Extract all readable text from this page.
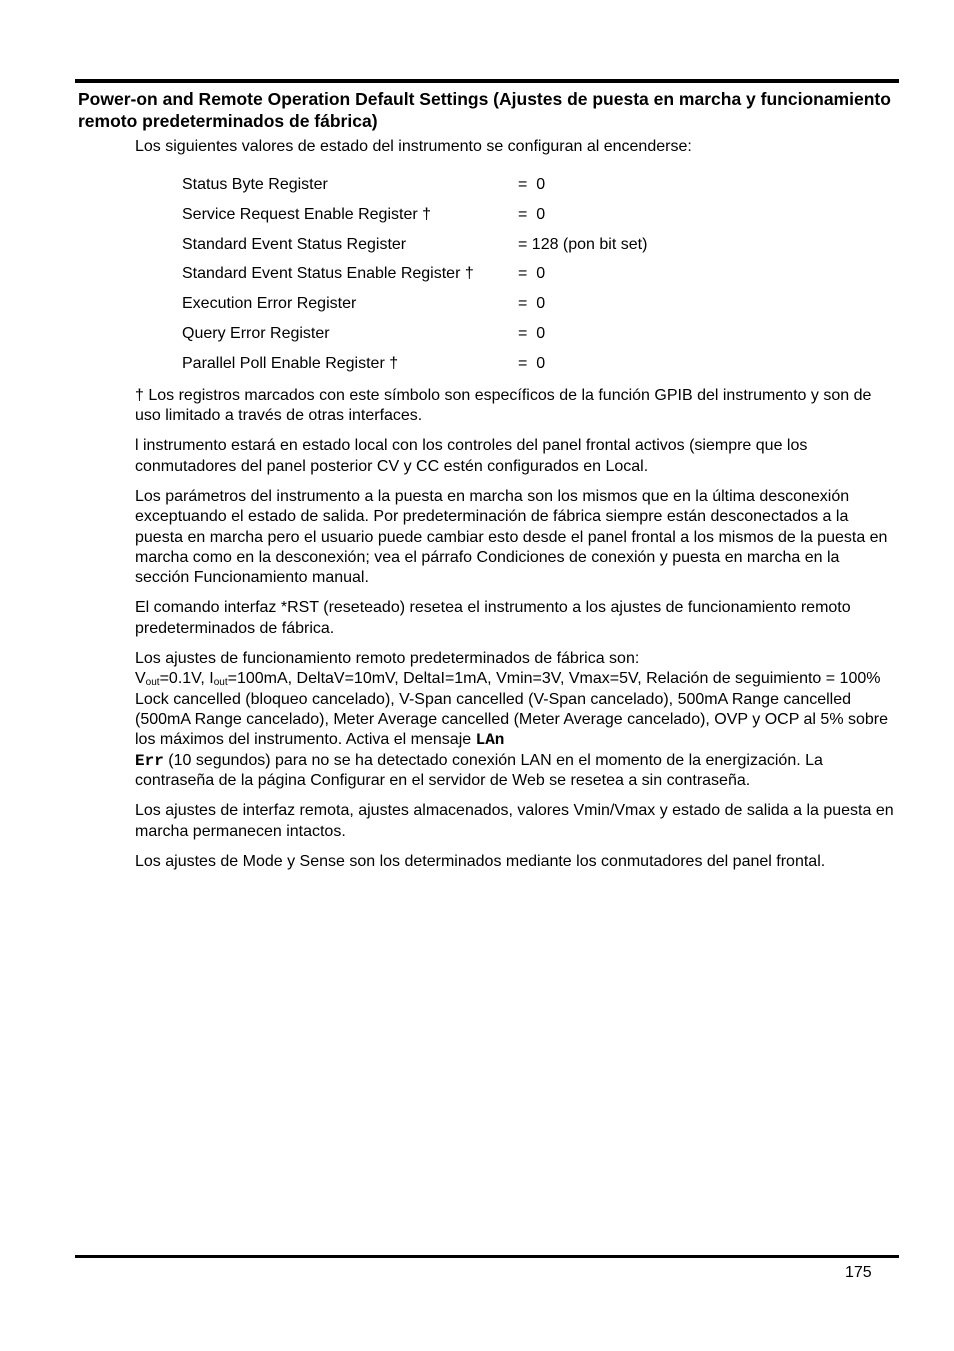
Power-on and Remote Operation Default Settings (Ajustes de puesta en marcha y funcionamiento remoto predeterminados de fábrica)
Los siguientes valores de estado del instrumento se configuran al encenderse:
Status Byte Register	=  0
Service Request Enable Register †	=  0
Standard Event Status Register	= 128 (pon bit set)
Standard Event Status Enable Register †	=  0
Execution Error Register	=  0
Query Error Register	=  0
Parallel Poll Enable Register †	=  0

† Los registros marcados con este símbolo son específicos de la función GPIB del instrumento y son de uso limitado a través de otras interfaces.

l instrumento estará en estado local con los controles del panel frontal activos (siempre que los conmutadores del panel posterior CV y CC estén configurados en Local.

Los parámetros del instrumento a la puesta en marcha son los mismos que en la última desconexión exceptuando el estado de salida. Por predeterminación de fábrica siempre están desconectados a la puesta en marcha pero el usuario puede cambiar esto desde el panel frontal a los mismos de la puesta en marcha como en la desconexión; vea el párrafo Condiciones de conexión y puesta en marcha en la sección Funcionamiento manual.

El comando interfaz *RST (reseteado) resetea el instrumento a los ajustes de funcionamiento remoto predeterminados de fábrica.

Los ajustes de funcionamiento remoto predeterminados de fábrica son:
$V_{out}=0.1V$, $I_{out}=100mA$, DeltaV=10mV, DeltaI=1mA, Vmin=3V, Vmax=5V, Relación de seguimiento = 100% Lock cancelled (bloqueo cancelado), V-Span cancelled (V-Span cancelado), 500mA Range cancelled (500mA Range cancelado), Meter Average cancelled (Meter Average cancelado), OVP y OCP al 5% sobre los máximos del instrumento. Activa el mensaje LAn
Err (10 segundos) para no se ha detectado conexión LAN en el momento de la energización. La contraseña de la página Configurar en el servidor de Web se resetea a sin contraseña.

Los ajustes de interfaz remota, ajustes almacenados, valores Vmin/Vmax y estado de salida a la puesta en marcha permanecen intactos.

Los ajustes de Mode y Sense son los determinados mediante los conmutadores del panel frontal.

175
